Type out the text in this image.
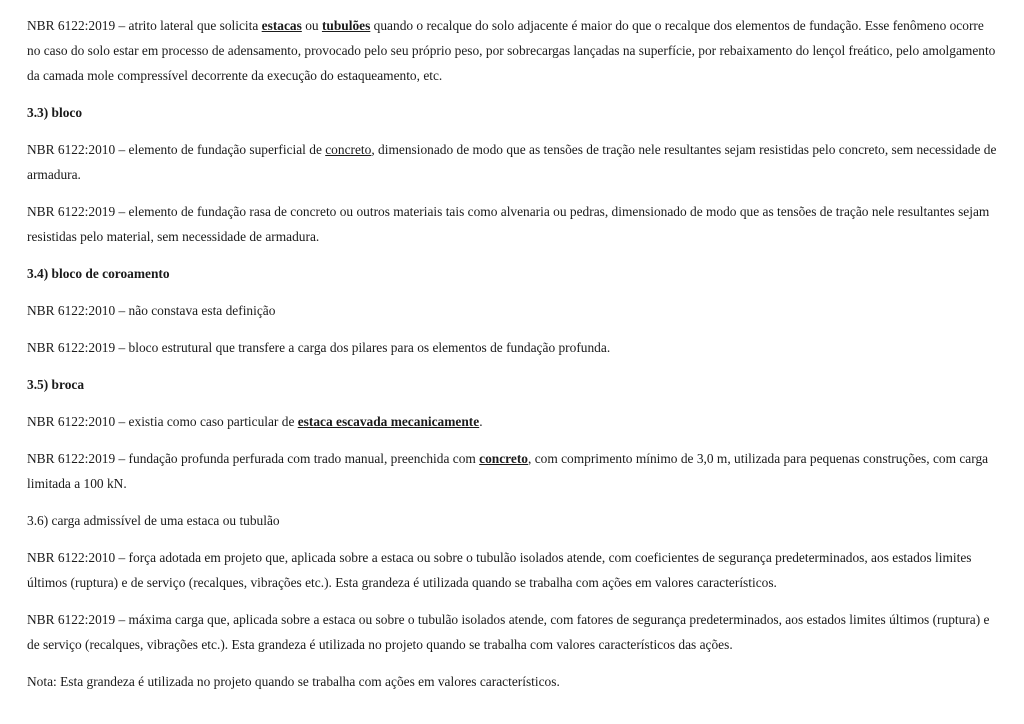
NBR 6122:2019 – atrito lateral que solicita estacas ou tubulões quando o recalque do solo adjacente é maior do que o recalque dos elementos de fundação. Esse fenômeno ocorre no caso do solo estar em processo de adensamento, provocado pelo seu próprio peso, por sobrecargas lançadas na superfície, por rebaixamento do lençol freático, pelo amolgamento da camada mole compressível decorrente da execução do estaqueamento, etc.

3.3) bloco

NBR 6122:2010 – elemento de fundação superficial de concreto, dimensionado de modo que as tensões de tração nele resultantes sejam resistidas pelo concreto, sem necessidade de armadura.

NBR 6122:2019 – elemento de fundação rasa de concreto ou outros materiais tais como alvenaria ou pedras, dimensionado de modo que as tensões de tração nele resultantes sejam resistidas pelo material, sem necessidade de armadura.

3.4) bloco de coroamento

NBR 6122:2010 – não constava esta definição

NBR 6122:2019 – bloco estrutural que transfere a carga dos pilares para os elementos de fundação profunda.

3.5) broca

NBR 6122:2010 – existia como caso particular de estaca escavada mecanicamente.

NBR 6122:2019 – fundação profunda perfurada com trado manual, preenchida com concreto, com comprimento mínimo de 3,0 m, utilizada para pequenas construções, com carga limitada a 100 kN.

3.6) carga admissível de uma estaca ou tubulão

NBR 6122:2010 – força adotada em projeto que, aplicada sobre a estaca ou sobre o tubulão isolados atende, com coeficientes de segurança predeterminados, aos estados limites últimos (ruptura) e de serviço (recalques, vibrações etc.). Esta grandeza é utilizada quando se trabalha com ações em valores característicos.

NBR 6122:2019 – máxima carga que, aplicada sobre a estaca ou sobre o tubulão isolados atende, com fatores de segurança predeterminados, aos estados limites últimos (ruptura) e de serviço (recalques, vibrações etc.). Esta grandeza é utilizada no projeto quando se trabalha com valores característicos das ações.

Nota: Esta grandeza é utilizada no projeto quando se trabalha com ações em valores característicos.
